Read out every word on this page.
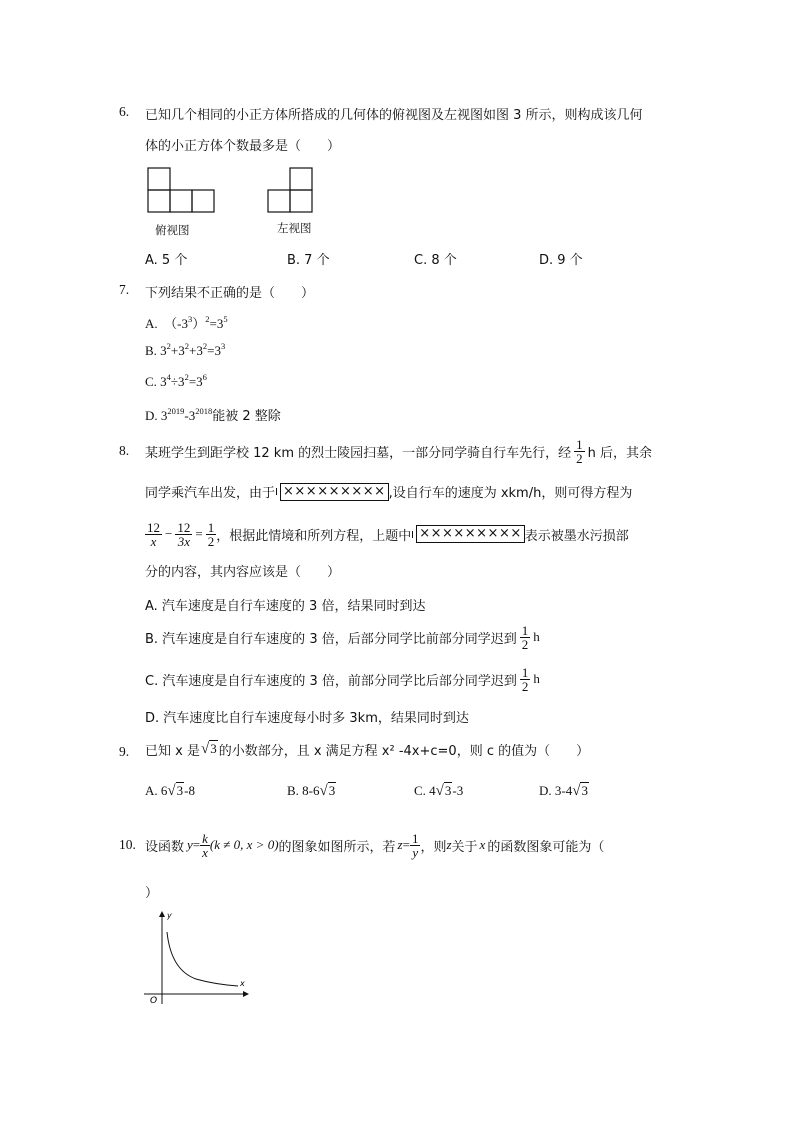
6. 已知几个相同的小正方体所搭成的几何体的俯视图及左视图如图 3 所示，则构成该几何
体的小正方体个数最多是（　　）
俯视图	左视图
A. 5 个	B. 7 个	C. 8 个	D. 9 个
7. 下列结果不正确的是（　　）
A. $(-3^3)^2=3^5$
B. $3^2+3^2+3^2=3^3$
C. $3^4\div 3^2=3^6$
D. $3^{2019}-3^{2018}$能被 2 整除
8. 某班学生到距学校 12 km 的烈士陵园扫墓，一部分同学骑自行车先行，经 $\frac{1}{2}$ h 后，其余
同学乘汽车出发，由于 ××××××××× ,设自行车的速度为 xkm/h，则可得方程为
$\frac{12}{x} - \frac{12}{3x} = \frac{1}{2}$ ，根据此情境和所列方程，上题中 ××××××××× 表示被墨水污损部
分的内容，其内容应该是（　　）
A. 汽车速度是自行车速度的 3 倍，结果同时到达
B. 汽车速度是自行车速度的 3 倍，后部分同学比前部分同学迟到 $\frac{1}{2}$ h
C. 汽车速度是自行车速度的 3 倍，前部分同学比后部分同学迟到 $\frac{1}{2}$ h
D. 汽车速度比自行车速度每小时多 3km，结果同时到达
9. 已知 x 是 √3 的小数部分，且 x 满足方程 x² -4x+c=0，则 c 的值为（　　）
A. 6√3-8	B. 8-6√3	C. 4√3-3	D. 3-4√3
10. 设函数 $y = \frac{k}{x} (k \ne 0$, x > 0) 的图象如图所示，若 $z = \frac{1}{y}$ ，则 z 关于 x 的函数图象可能为（
）
y
x
O
